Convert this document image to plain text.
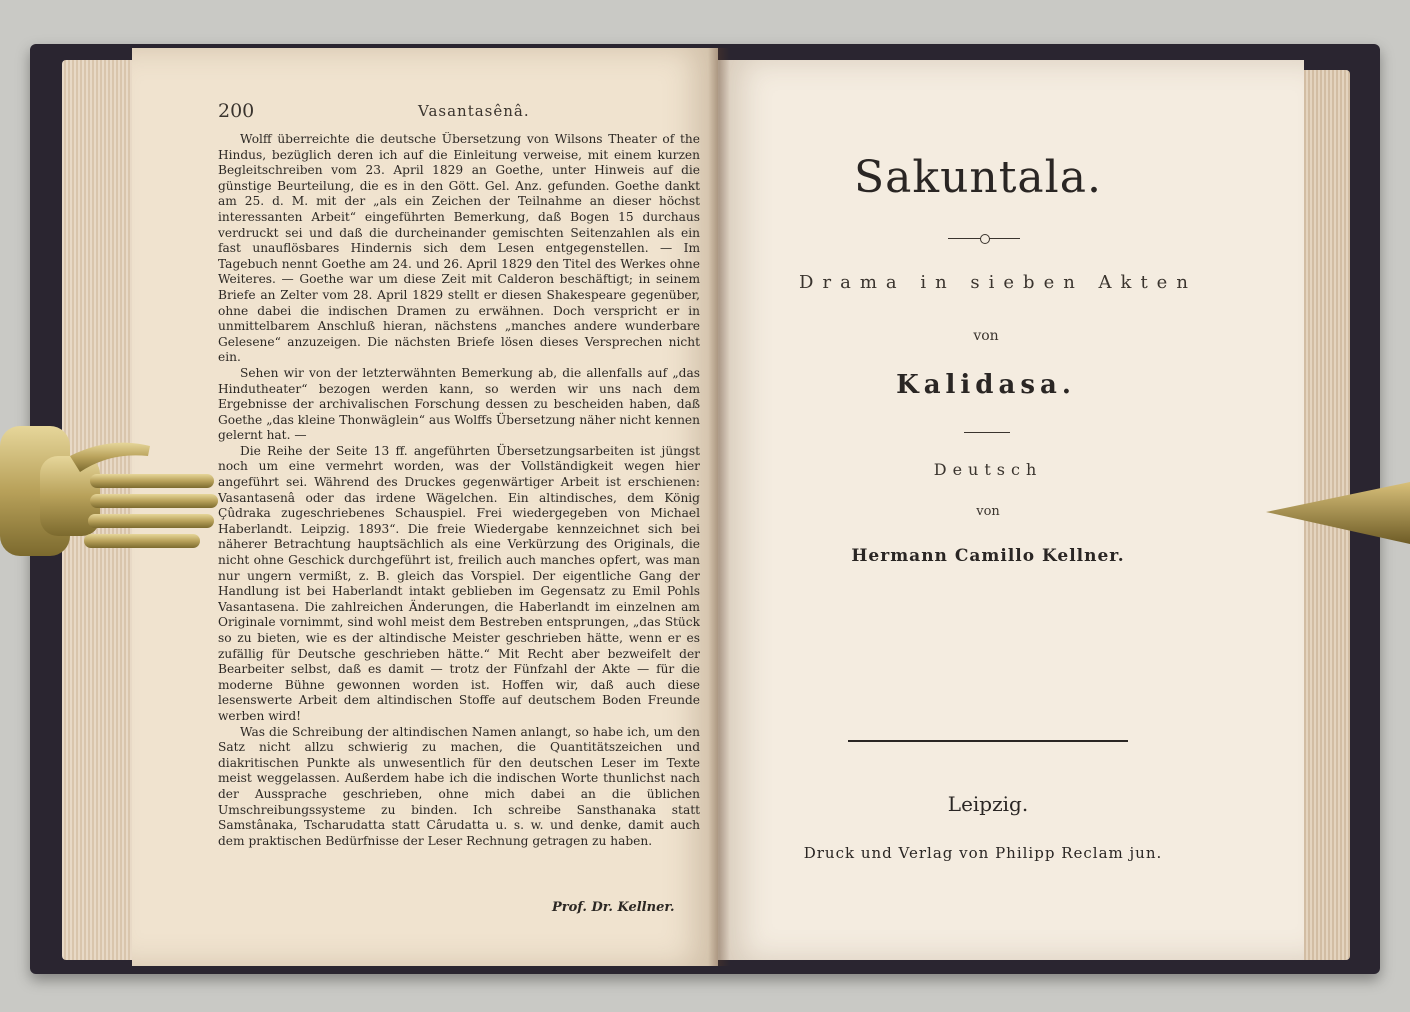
200	Vasantasênâ.

Wolff überreichte die deutsche Übersetzung von Wilsons Theater of the Hindus, bezüglich deren ich auf die Einleitung verweise, mit einem kurzen Begleitschreiben vom 23. April 1829 an Goethe, unter Hinweis auf die günstige Beurteilung, die es in den Gött. Gel. Anz. gefunden. Goethe dankt am 25. d. M. mit der „als ein Zeichen der Teilnahme an dieser höchst interessanten Arbeit“ eingeführten Bemerkung, daß Bogen 15 durchaus verdruckt sei und daß die durcheinander gemischten Seitenzahlen als ein fast unauflösbares Hindernis sich dem Lesen entgegenstellen. — Im Tagebuch nennt Goethe am 24. und 26. April 1829 den Titel des Werkes ohne Weiteres. — Goethe war um diese Zeit mit Calderon beschäftigt; in seinem Briefe an Zelter vom 28. April 1829 stellt er diesen Shakespeare gegenüber, ohne dabei die indischen Dramen zu erwähnen. Doch verspricht er in unmittelbarem Anschluß hieran, nächstens „manches andere wunderbare Gelesene“ anzuzeigen. Die nächsten Briefe lösen dieses Versprechen nicht ein.

Sehen wir von der letzterwähnten Bemerkung ab, die allenfalls auf „das Hindutheater“ bezogen werden kann, so werden wir uns nach dem Ergebnisse der archivalischen Forschung dessen zu bescheiden haben, daß Goethe „das kleine Thonwäglein“ aus Wolffs Übersetzung näher nicht kennen gelernt hat. —

Die Reihe der Seite 13 ff. angeführten Übersetzungsarbeiten ist jüngst noch um eine vermehrt worden, was der Vollständigkeit wegen hier angeführt sei. Während des Druckes gegenwärtiger Arbeit ist erschienen: Vasantasenâ oder das irdene Wägelchen. Ein altindisches, dem König Çûdraka zugeschriebenes Schauspiel. Frei wiedergegeben von Michael Haberlandt. Leipzig. 1893“. Die freie Wiedergabe kennzeichnet sich bei näherer Betrachtung hauptsächlich als eine Verkürzung des Originals, die nicht ohne Geschick durchgeführt ist, freilich auch manches opfert, was man nur ungern vermißt, z. B. gleich das Vorspiel. Der eigentliche Gang der Handlung ist bei Haberlandt intakt geblieben im Gegensatz zu Emil Pohls Vasantasena. Die zahlreichen Änderungen, die Haberlandt im einzelnen am Originale vornimmt, sind wohl meist dem Bestreben entsprungen, „das Stück so zu bieten, wie es der altindische Meister geschrieben hätte, wenn er es zufällig für Deutsche geschrieben hätte.“ Mit Recht aber bezweifelt der Bearbeiter selbst, daß es damit — trotz der Fünfzahl der Akte — für die moderne Bühne gewonnen worden ist. Hoffen wir, daß auch diese lesenswerte Arbeit dem altindischen Stoffe auf deutschem Boden Freunde werben wird!

Was die Schreibung der altindischen Namen anlangt, so habe ich, um den Satz nicht allzu schwierig zu machen, die Quantitätszeichen und diakritischen Punkte als unwesentlich für den deutschen Leser im Texte meist weggelassen. Außerdem habe ich die indischen Worte thunlichst nach der Aussprache geschrieben, ohne mich dabei an die üblichen Umschreibungssysteme zu binden. Ich schreibe Sansthanaka statt Samstânaka, Tscharudatta statt Cârudatta u. s. w. und denke, damit auch dem praktischen Bedürfnisse der Leser Rechnung getragen zu haben.

Prof. Dr. Kellner.
Sakuntala.
Drama in sieben Akten
von
Kalidasa.
Deutsch
von
Hermann Camillo Kellner.
Leipzig.
Druck und Verlag von Philipp Reclam jun.
